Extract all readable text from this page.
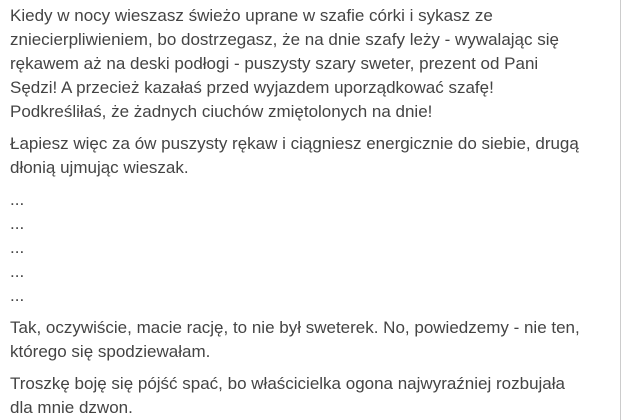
Kiedy w nocy wieszasz świeżo uprane w szafie córki i sykasz ze
zniecierpliwieniem, bo dostrzegasz, że na dnie szafy leży - wywalając się
rękawem aż na deski podłogi - puszysty szary sweter, prezent od Pani
Sędzi! A przecież kazałaś przed wyjazdem uporządkować szafę!
Podkreśliłaś, że żadnych ciuchów zmiętolonych na dnie!

Łapiesz więc za ów puszysty rękaw i ciągniesz energicznie do siebie, drugą
dłonią ujmując wieszak.

...
...
...
...
...

Tak, oczywiście, macie rację, to nie był sweterek. No, powiedzemy - nie ten,
którego się spodziewałam.

Troszkę boję się pójść spać, bo właścicielka ogona najwyraźniej rozbujała
dla mnie dzwon.
